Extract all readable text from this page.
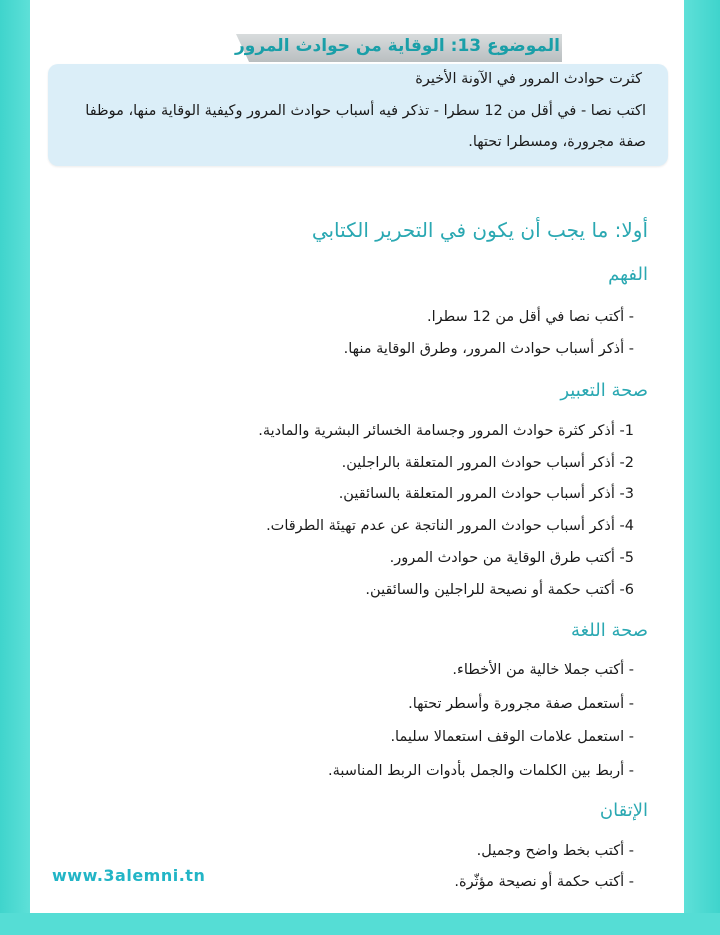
الموضوع 13: الوقاية من حوادث المرور
كثرت حوادث المرور في الآونة الأخيرة
اكتب نصا - في أقل من 12 سطرا - تذكر فيه أسباب حوادث المرور وكيفية الوقاية منها، موظفا
صفة مجرورة، ومسطرا تحتها.
أولا: ما يجب أن يكون في التحرير الكتابي
الفهم
- أكتب نصا في أقل من 12 سطرا.
- أذكر أسباب حوادث المرور، وطرق الوقاية منها.
صحة التعبير
1- أذكر كثرة حوادث المرور وجسامة الخسائر البشرية والمادية.
2- أذكر أسباب حوادث المرور المتعلقة بالراجلين.
3- أذكر أسباب حوادث المرور المتعلقة بالسائقين.
4- أذكر أسباب حوادث المرور الناتجة عن عدم تهيئة الطرقات.
5- أكتب طرق الوقاية من حوادث المرور.
6- أكتب حكمة أو نصيحة للراجلين والسائقين.
صحة اللغة
- أكتب جملا خالية من الأخطاء.
- أستعمل صفة مجرورة وأسطر تحتها.
- استعمل علامات الوقف استعمالا سليما.
- أربط بين الكلمات والجمل بأدوات الربط المناسبة.
الإتقان
- أكتب بخط واضح وجميل.
- أكتب حكمة أو نصيحة مؤثّرة.
www.3alemni.tn
